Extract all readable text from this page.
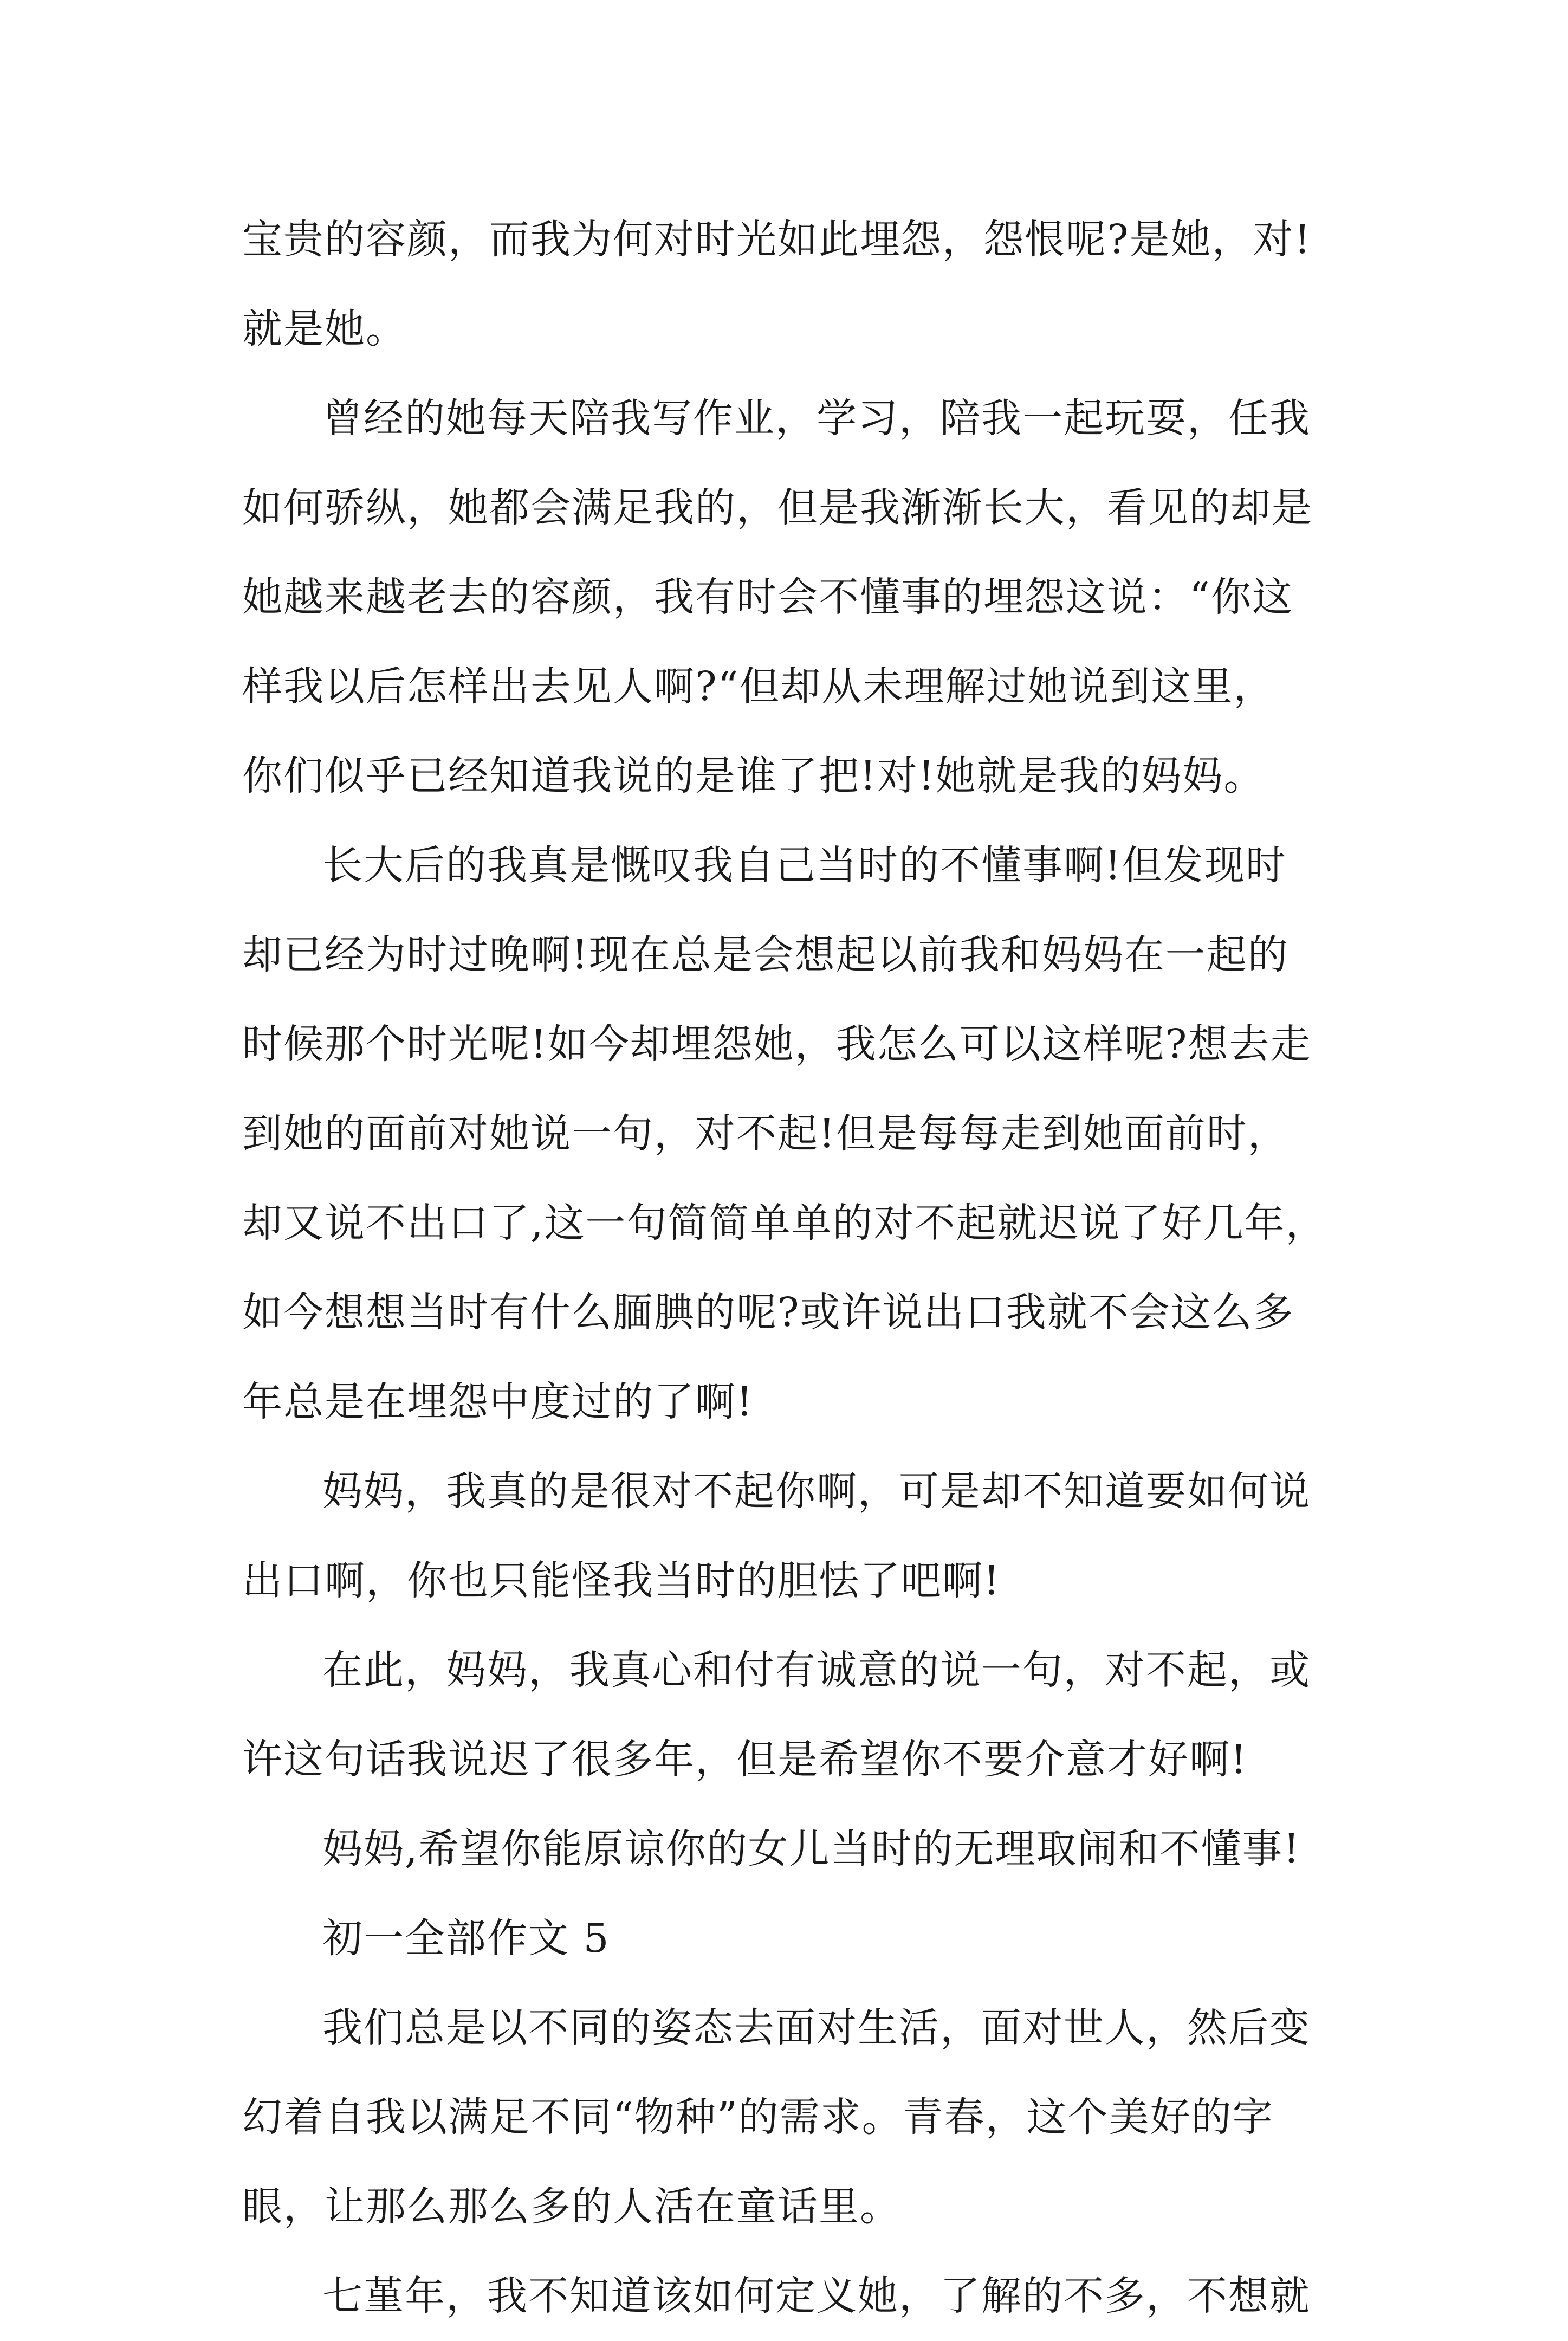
宝贵的容颜，而我为何对时光如此埋怨，怨恨呢?是她，对!
就是她。
曾经的她每天陪我写作业，学习，陪我一起玩耍，任我
如何骄纵，她都会满足我的，但是我渐渐长大，看见的却是
她越来越老去的容颜，我有时会不懂事的埋怨这说：“你这
样我以后怎样出去见人啊?“但却从未理解过她说到这里，
你们似乎已经知道我说的是谁了把!对!她就是我的妈妈。
长大后的我真是慨叹我自己当时的不懂事啊!但发现时
却已经为时过晚啊!现在总是会想起以前我和妈妈在一起的
时候那个时光呢!如今却埋怨她，我怎么可以这样呢?想去走
到她的面前对她说一句，对不起!但是每每走到她面前时，
却又说不出口了,这一句简简单单的对不起就迟说了好几年，
如今想想当时有什么腼腆的呢?或许说出口我就不会这么多
年总是在埋怨中度过的了啊!
妈妈，我真的是很对不起你啊，可是却不知道要如何说
出口啊，你也只能怪我当时的胆怯了吧啊!
在此，妈妈，我真心和付有诚意的说一句，对不起，或
许这句话我说迟了很多年，但是希望你不要介意才好啊!
妈妈,希望你能原谅你的女儿当时的无理取闹和不懂事!
初一全部作文 5
我们总是以不同的姿态去面对生活，面对世人，然后变
幻着自我以满足不同“物种”的需求。青春，这个美好的字
眼，让那么那么多的人活在童话里。
七堇年，我不知道该如何定义她，了解的不多，不想就
